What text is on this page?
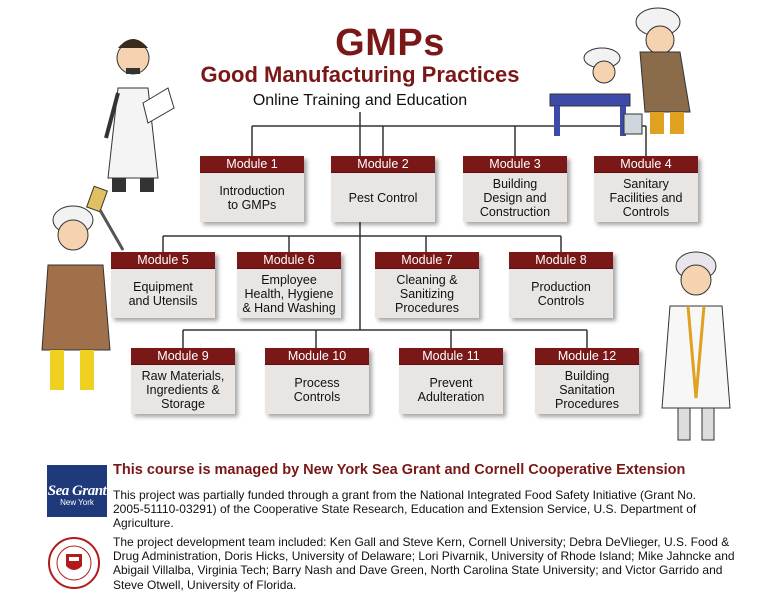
GMPs
Good Manufacturing Practices
Online Training and Education
Module 1
Introduction to GMPs
Module 2
Pest Control
Module 3
Building Design and Construction
Module 4
Sanitary Facilities and Controls
Module 5
Equipment and Utensils
Module 6
Employee Health, Hygiene & Hand Washing
Module 7
Cleaning & Sanitizing Procedures
Module 8
Production Controls
Module 9
Raw Materials, Ingredients & Storage
Module 10
Process Controls
Module 11
Prevent Adulteration
Module 12
Building Sanitation Procedures
Sea Grant
New York
This course is managed by New York Sea Grant and Cornell Cooperative Extension
This project was partially funded through a grant from the National Integrated Food Safety Initiative (Grant No. 2005-51110-03291) of the Cooperative State Research, Education and Extension Service, U.S. Department of Agriculture.
The project development team included: Ken Gall and Steve Kern, Cornell University; Debra DeVlieger, U.S. Food & Drug Administration, Doris Hicks, University of Delaware; Lori Pivarnik, University of Rhode Island; Mike Jahncke and Abigail Villalba, Virginia Tech; Barry Nash and Dave Green, North Carolina State University; and Victor Garrido and Steve Otwell, University of Florida.
